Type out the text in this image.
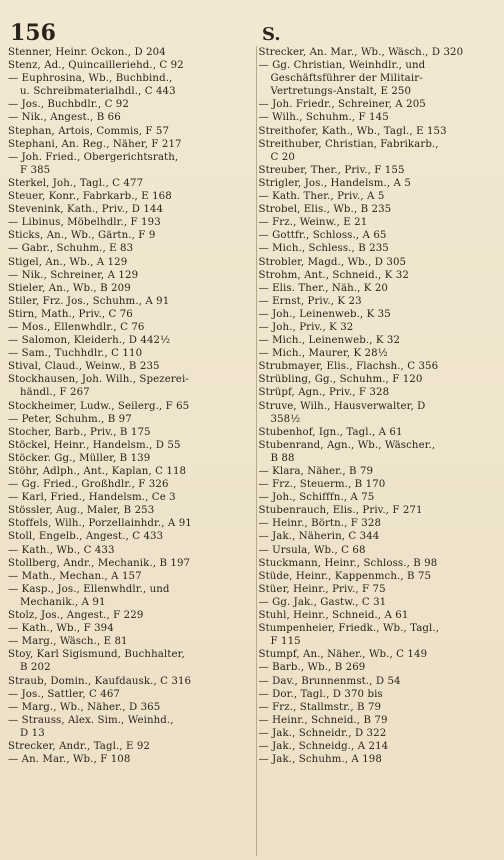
156	S.
Stenner, Heinr. Ockon., D 204
Stenz, Ad., Quincailleriehd., C 92
— Euphrosina, Wb., Buchbind.,
u. Schreibmaterialhdl., C 443
— Jos., Buchbdlr., C 92
— Nik., Angest., B 66
Stephan, Artois, Commis, F 57
Stephani, An. Reg., Näher, F 217
— Joh. Fried., Obergerichtsrath,
F 385
Sterkel, Joh., Tagl., C 477
Steuer, Konr., Fabrkarb., E 168
Stevenink, Kath., Priv., D 144
— Libinus, Möbelhdlr., F 193
Sticks, An., Wb., Gärtn., F 9
— Gabr., Schuhm., E 83
Stigel, An., Wb., A 129
— Nik., Schreiner, A 129
Stieler, An., Wb., B 209
Stiler, Frz. Jos., Schuhm., A 91
Stirn, Math., Priv., C 76
— Mos., Ellenwhdlr., C 76
— Salomon, Kleiderh., D 442½
— Sam., Tuchhdlr., C 110
Stival, Claud., Weinw., B 235
Stockhausen, Joh. Wilh., Spezerei-
händl., F 267
Stockheimer, Ludw., Seilerg., F 65
— Peter, Schuhm., B 97
Stocher, Barb., Priv., B 175
Stöckel, Heinr., Handelsm., D 55
Stöcker. Gg., Müller, B 139
Stöhr, Adlph., Ant., Kaplan, C 118
— Gg. Fried., Großhdlr., F 326
— Karl, Fried., Handelsm., Ce 3
Stössler, Aug., Maler, B 253
Stoffels, Wilh., Porzellainhdr., A 91
Stoll, Engelb., Angest., C 433
— Kath., Wb., C 433
Stollberg, Andr., Mechanik., B 197
— Math., Mechan., A 157
— Kasp., Jos., Ellenwhdlr., und
Mechanik., A 91
Stolz, Jos., Angest., F 229
— Kath., Wb., F 394
— Marg., Wäsch., E 81
Stoy, Karl Sigismund, Buchhalter,
B 202
Straub, Domin., Kaufdausk., C 316
— Jos., Sattler, C 467
— Marg., Wb., Näher., D 365
— Strauss, Alex. Sim., Weinhd.,
D 13
Strecker, Andr., Tagl., E 92
— An. Mar., Wb., F 108
Strecker, An. Mar., Wb., Wäsch., D 320
— Gg. Christian, Weinhdlr., und
Geschäftsführer der Militair-
Vertretungs-Anstalt, E 250
— Joh. Friedr., Schreiner, A 205
— Wilh., Schuhm., F 145
Streithofer, Kath., Wb., Tagl., E 153
Streithuber, Christian, Fabrikarb.,
C 20
Streuber, Ther., Priv., F 155
Strigler, Jos., Handelsm., A 5
— Kath. Ther., Priv., A 5
Strobel, Elis., Wb., B 235
— Frz., Weinw., E 21
— Gottfr., Schloss., A 65
— Mich., Schless., B 235
Strobler, Magd., Wb., D 305
Strohm, Ant., Schneid., K 32
— Elis. Ther., Näh., K 20
— Ernst, Priv., K 23
— Joh., Leinenweb., K 35
— Joh., Priv., K 32
— Mich., Leinenweb., K 32
— Mich., Maurer, K 28½
Strubmayer, Elis., Flachsh., C 356
Strübling, Gg., Schuhm., F 120
Strüpf, Agn., Priv., F 328
Struve, Wilh., Hausverwalter, D
358½
Stubenhof, Ign., Tagl., A 61
Stubenrand, Agn., Wb., Wäscher.,
B 88
— Klara, Näher., B 79
— Frz., Steuerm., B 170
— Joh., Schifffn., A 75
Stubenrauch, Elis., Priv., F 271
— Heinr., Börtn., F 328
— Jak., Näherin, C 344
— Ursula, Wb., C 68
Stuckmann, Heinr., Schloss., B 98
Stüde, Heinr., Kappenmch., B 75
Stüer, Heinr., Priv., F 75
— Gg. Jak., Gastw., C 31
Stuhl, Heinr., Schneid., A 61
Stumpenheier, Friedk., Wb., Tagl.,
F 115
Stumpf, An., Näher., Wb., C 149
— Barb., Wb., B 269
— Dav., Brunnenmst., D 54
— Dor., Tagl., D 370 bis
— Frz., Stallmstr., B 79
— Heinr., Schneid., B 79
— Jak., Schneidr., D 322
— Jak., Schneidg., A 214
— Jak., Schuhm., A 198
